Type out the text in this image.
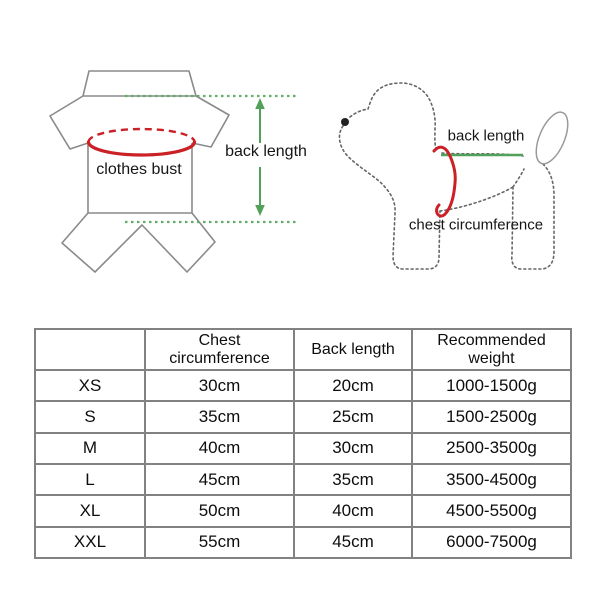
back length
clothes bust
back length
chest circumference

	Chest circumference	Back length	Recommended weight

XS	30cm	20cm	1000-1500g
S	35cm	25cm	1500-2500g
M	40cm	30cm	2500-3500g
L	45cm	35cm	3500-4500g
XL	50cm	40cm	4500-5500g
XXL	55cm	45cm	6000-7500g
